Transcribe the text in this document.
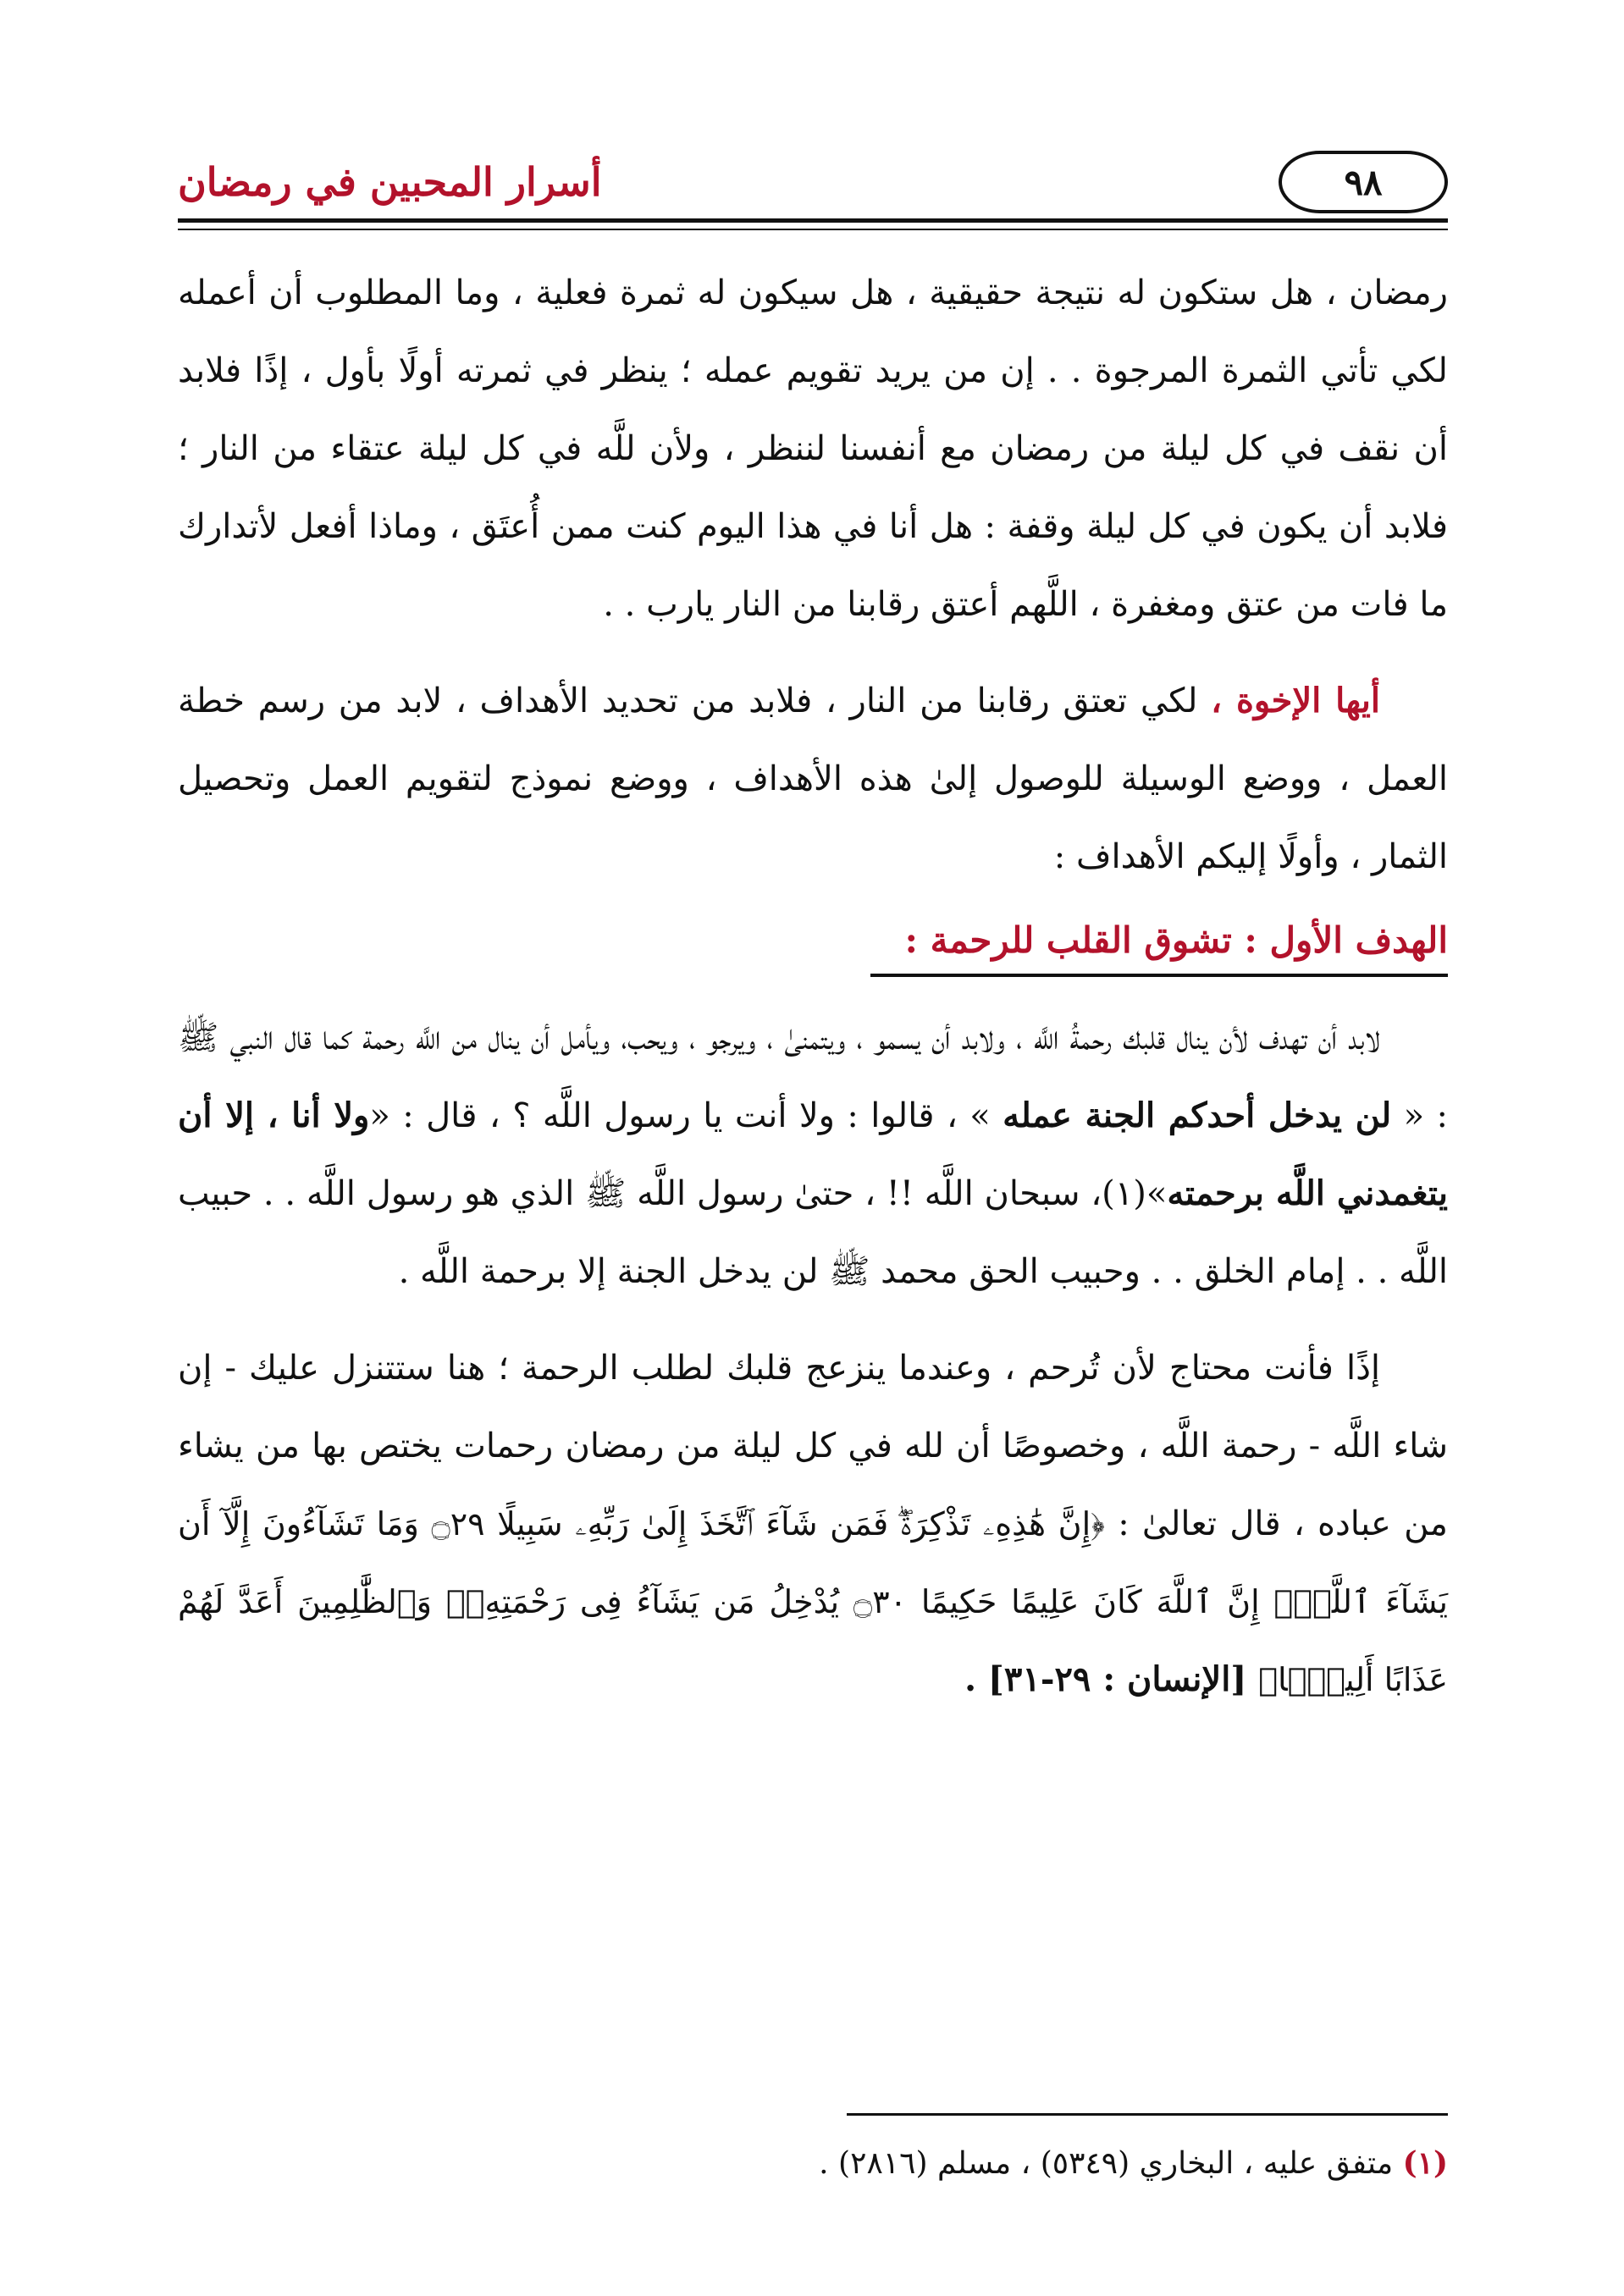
أسرار المحبين في رمضان	٩٨

رمضان ، هل ستكون له نتيجة حقيقية ، هل سيكون له ثمرة فعلية ، وما المطلوب أن أعمله لكي تأتي الثمرة المرجوة . . إن من يريد تقويم عمله ؛ ينظر في ثمرته أولًا بأول ، إذًا فلابد أن نقف في كل ليلة من رمضان مع أنفسنا لننظر ، ولأن للَّه في كل ليلة عتقاء من النار ؛ فلابد أن يكون في كل ليلة وقفة : هل أنا في هذا اليوم كنت ممن أُعتَق ، وماذا أفعل لأتدارك ما فات من عتق ومغفرة ، اللَّهم أعتق رقابنا من النار يارب . .

أيها الإخوة ، لكي تعتق رقابنا من النار ، فلابد من تحديد الأهداف ، لابد من رسم خطة العمل ، ووضع الوسيلة للوصول إلىٰ هذه الأهداف ، ووضع نموذج لتقويم العمل وتحصيل الثمار ، وأولًا إليكم الأهداف :

الهدف الأول : تشوق القلب للرحمة :

لابد أن تهدف لأن ينال قلبك رحمةُ اللَّه ، ولابد أن يسمو ، ويتمنىٰ ، ويرجو ، ويحب، ويأمل أن ينال من اللَّه رحمة كما قال النبي ﷺ : « لن يدخل أحدكم الجنة عمله » ، قالوا : ولا أنت يا رسول اللَّه ؟ ، قال : «ولا أنا ، إلا أن يتغمدني اللَّه برحمته»(١)، سبحان اللَّه !! ، حتىٰ رسول اللَّه ﷺ الذي هو رسول اللَّه . . حبيب اللَّه . . إمام الخلق . . وحبيب الحق محمد ﷺ لن يدخل الجنة إلا برحمة اللَّه .

إذًا فأنت محتاج لأن تُرحم ، وعندما ينزعج قلبك لطلب الرحمة ؛ هنا ستتنزل عليك - إن شاء اللَّه - رحمة اللَّه ، وخصوصًا أن لله في كل ليلة من رمضان رحمات يختص بها من يشاء من عباده ، قال تعالىٰ : ﴿إِنَّ هَٰذِهِۦ تَذْكِرَةٌۖ فَمَن شَآءَ ٱتَّخَذَ إِلَىٰ رَبِّهِۦ سَبِيلًا ۝٢٩ وَمَا تَشَآءُونَ إِلَّآ أَن يَشَآءَ ٱللَّهُۚ إِنَّ ٱللَّهَ كَانَ عَلِيمًا حَكِيمًا ۝٣٠ يُدْخِلُ مَن يَشَآءُ فِى رَحْمَتِهِۦۚ وَٱلظَّٰلِمِينَ أَعَدَّ لَهُمْ عَذَابًا أَلِيمًۢا﴾ [الإنسان : ٢٩-٣١] .

(١) متفق عليه ، البخاري (٥٣٤٩) ، مسلم (٢٨١٦) .
